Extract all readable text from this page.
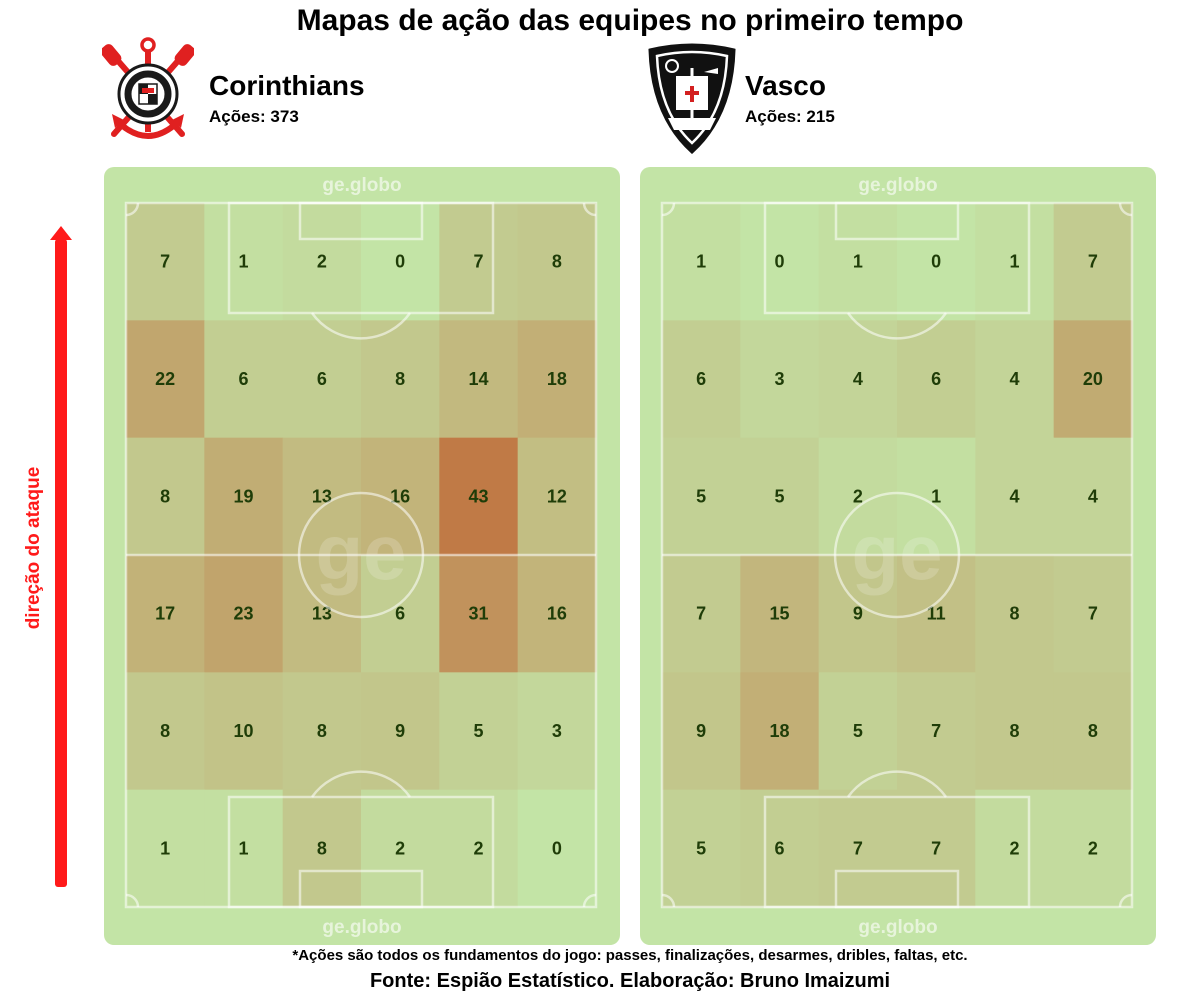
Mapas de ação das equipes no primeiro tempo
Corinthians
Ações: 373
Vasco
Ações: 215
direção do ataque
7	1	2	0	7	8
22	6	6	8	14	18
8	19	13	16	43	12
17	23	13	6	31	16
8	10	8	9	5	3
1	1	8	2	2	0
ge
ge.globo
ge.globo
1	0	1	0	1	7
6	3	4	6	4	20
5	5	2	1	4	4
7	15	9	11	8	7
9	18	5	7	8	8
5	6	7	7	2	2
ge
ge.globo
ge.globo
*Ações são todos os fundamentos do jogo: passes, finalizações, desarmes, dribles, faltas, etc.
Fonte: Espião Estatístico. Elaboração: Bruno Imaizumi
